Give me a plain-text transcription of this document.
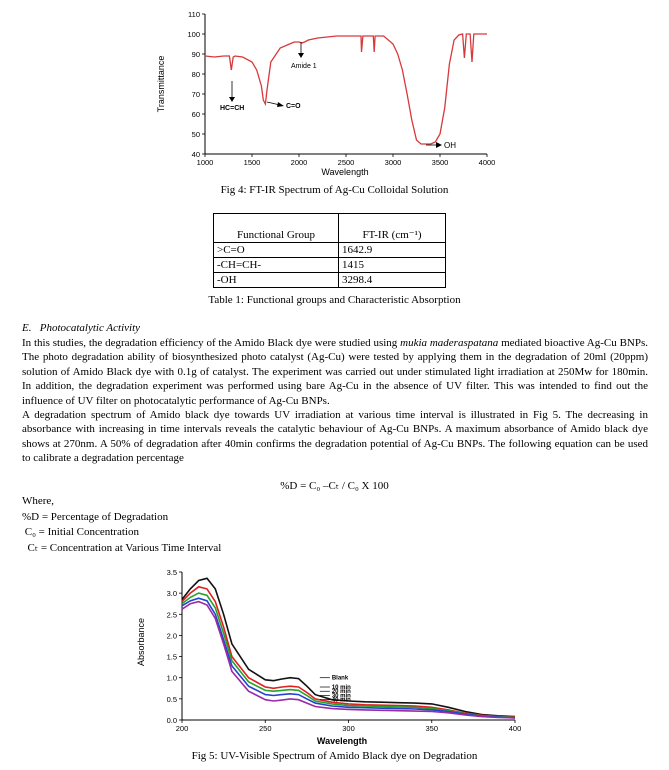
40
50
60
70
80
90
100
110
1000	1500	2000	2500	3000	3500	4000
Transmittance
Wavelength
HC=CH	C=O
Amide 1
OH
Fig 4: FT-IR Spectrum of Ag-Cu Colloidal Solution
Functional Group	FT-IR (cm⁻¹)
>C=O	1642.9
-CH=CH-	1415
-OH	3298.4
Table 1: Functional groups and Characteristic Absorption
E.   Photocatalytic Activity

In this studies, the degradation efficiency of the Amido Black dye were studied using mukia maderaspatana mediated bioactive Ag-Cu BNPs. The photo degradation ability of biosynthesized photo catalyst (Ag-Cu) were tested by applying them in the degradation of 20ml (20ppm) solution of Amido Black dye with 0.1g of catalyst. The experiment was carried out under stimulated light irradiation at 250Mw for 180min. In addition, the degradation experiment was performed using bare Ag-Cu in the absence of UV filter. This was intended to find out the influence of UV filter on photocatalytic performance of Ag-Cu BNPs.

A degradation spectrum of Amido black dye towards UV irradiation at various time interval is illustrated in Fig 5. The decreasing in absorbance with increasing in time intervals reveals the catalytic behaviour of Ag-Cu BNPs. A maximum absorbance of Amido black dye shows at 270nm. A 50% of degradation after 40min confirms the degradation potential of Ag-Cu BNPs. The following equation can be used to calibrate a degradation percentage

%D = C₀ –Cₜ / C₀ X 100
Where,
%D = Percentage of Degradation
C₀ = Initial Concentration
Cₜ = Concentration at Various Time Interval
0.0
0.5
1.0
1.5
2.0
2.5
3.0
3.5
200	250	300	350	400
Absorbance
Wavelength
Blank
10 min
20 min
30 min
40 min
Fig 5: UV-Visible Spectrum of Amido Black dye on Degradation
